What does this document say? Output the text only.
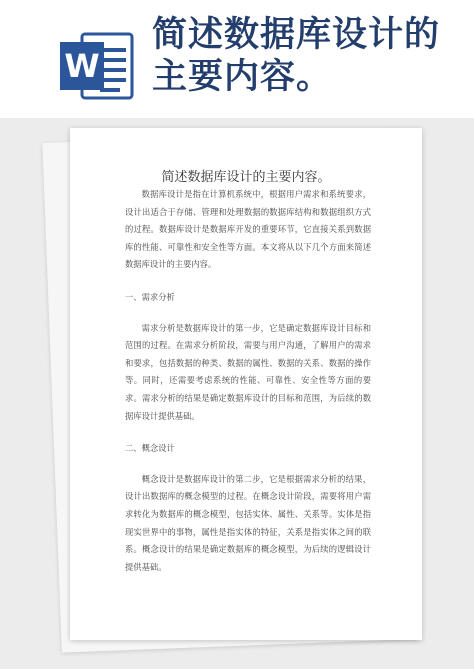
W
简述数据库设计的
主要内容。
简述数据库设计的主要内容。

数据库设计是指在计算机系统中，根据用户需求和系统要求，设计出适合于存储、管理和处理数据的数据库结构和数据组织方式的过程。数据库设计是数据库开发的重要环节，它直接关系到数据库的性能、可靠性和安全性等方面。本文将从以下几个方面来简述数据库设计的主要内容。

一、需求分析

需求分析是数据库设计的第一步，它是确定数据库设计目标和范围的过程。在需求分析阶段，需要与用户沟通，了解用户的需求和要求，包括数据的种类、数据的属性、数据的关系、数据的操作等。同时，还需要考虑系统的性能、可靠性、安全性等方面的要求。需求分析的结果是确定数据库设计的目标和范围，为后续的数据库设计提供基础。

二、概念设计

概念设计是数据库设计的第二步，它是根据需求分析的结果，设计出数据库的概念模型的过程。在概念设计阶段，需要将用户需求转化为数据库的概念模型，包括实体、属性、关系等。实体是指现实世界中的事物，属性是指实体的特征，关系是指实体之间的联系。概念设计的结果是确定数据库的概念模型，为后续的逻辑设计提供基础。
